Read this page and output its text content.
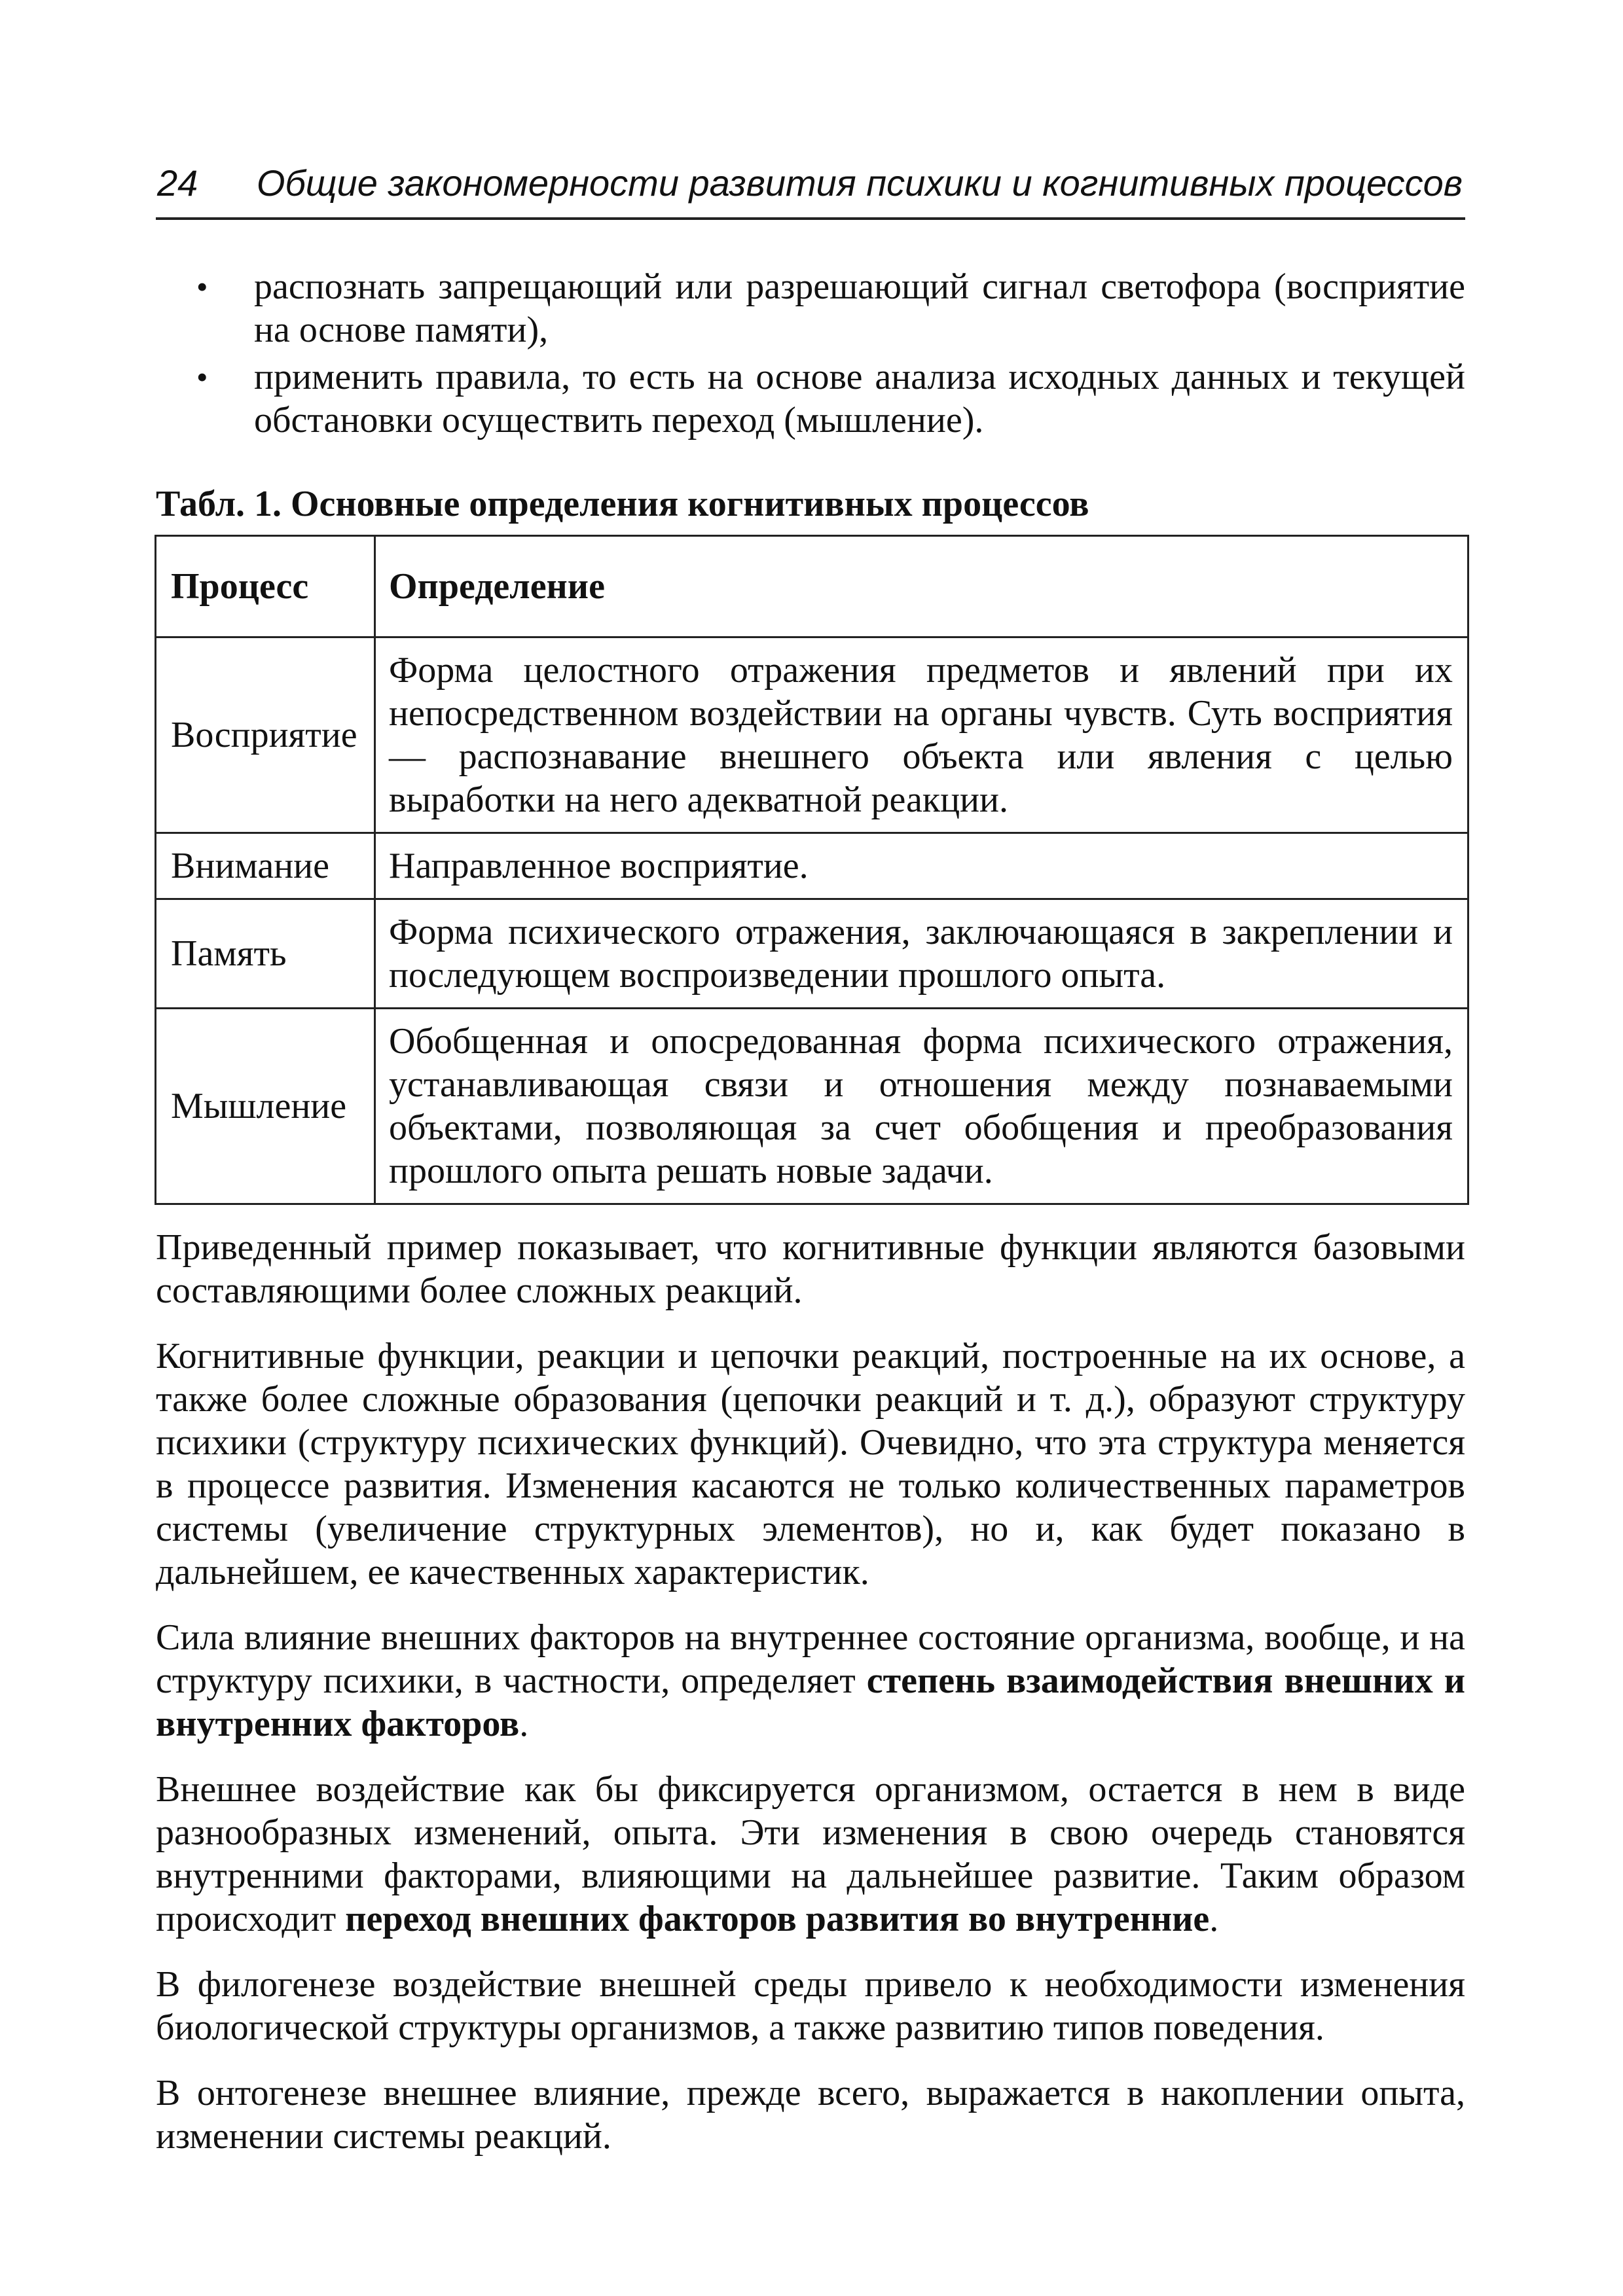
24 Общие закономерности развития психики и когнитивных процессов
• распознать запрещающий или разрешающий сигнал светофора (восприятие на основе памяти),
• применить правила, то есть на основе анализа исходных данных и текущей обстановки осуществить переход (мышление).
Табл. 1. Основные определения когнитивных процессов
Процесс	Определение
Восприятие	Форма целостного отражения предметов и явлений при их непосредственном воздействии на органы чувств. Суть восприятия — распознавание внешнего объекта или явления с целью выработки на него адекватной реакции.
Внимание	Направленное восприятие.
Память	Форма психического отражения, заключающаяся в закреплении и последующем воспроизведении прошлого опыта.
Мышление	Обобщенная и опосредованная форма психического отражения, устанавливающая связи и отношения между познаваемыми объектами, позволяющая за счет обобщения и преобразования прошлого опыта решать новые задачи.

Приведенный пример показывает, что когнитивные функции являются базовыми составляющими более сложных реакций.

Когнитивные функции, реакции и цепочки реакций, построенные на их основе, а также более сложные образования (цепочки реакций и т. д.), образуют структуру психики (структуру психических функций). Очевидно, что эта структура меняется в процессе развития. Изменения касаются не только количественных параметров системы (увеличение структурных элементов), но и, как будет показано в дальнейшем, ее качественных характеристик.

Сила влияние внешних факторов на внутреннее состояние организма, вообще, и на структуру психики, в частности, определяет степень взаимодействия внешних и внутренних факторов.

Внешнее воздействие как бы фиксируется организмом, остается в нем в виде разнообразных изменений, опыта. Эти изменения в свою очередь становятся внутренними факторами, влияющими на дальнейшее развитие. Таким образом происходит переход внешних факторов развития во внутренние.

В филогенезе воздействие внешней среды привело к необходимости изменения биологической структуры организмов, а также развитию типов поведения.

В онтогенезе внешнее влияние, прежде всего, выражается в накоплении опыта, изменении системы реакций.
